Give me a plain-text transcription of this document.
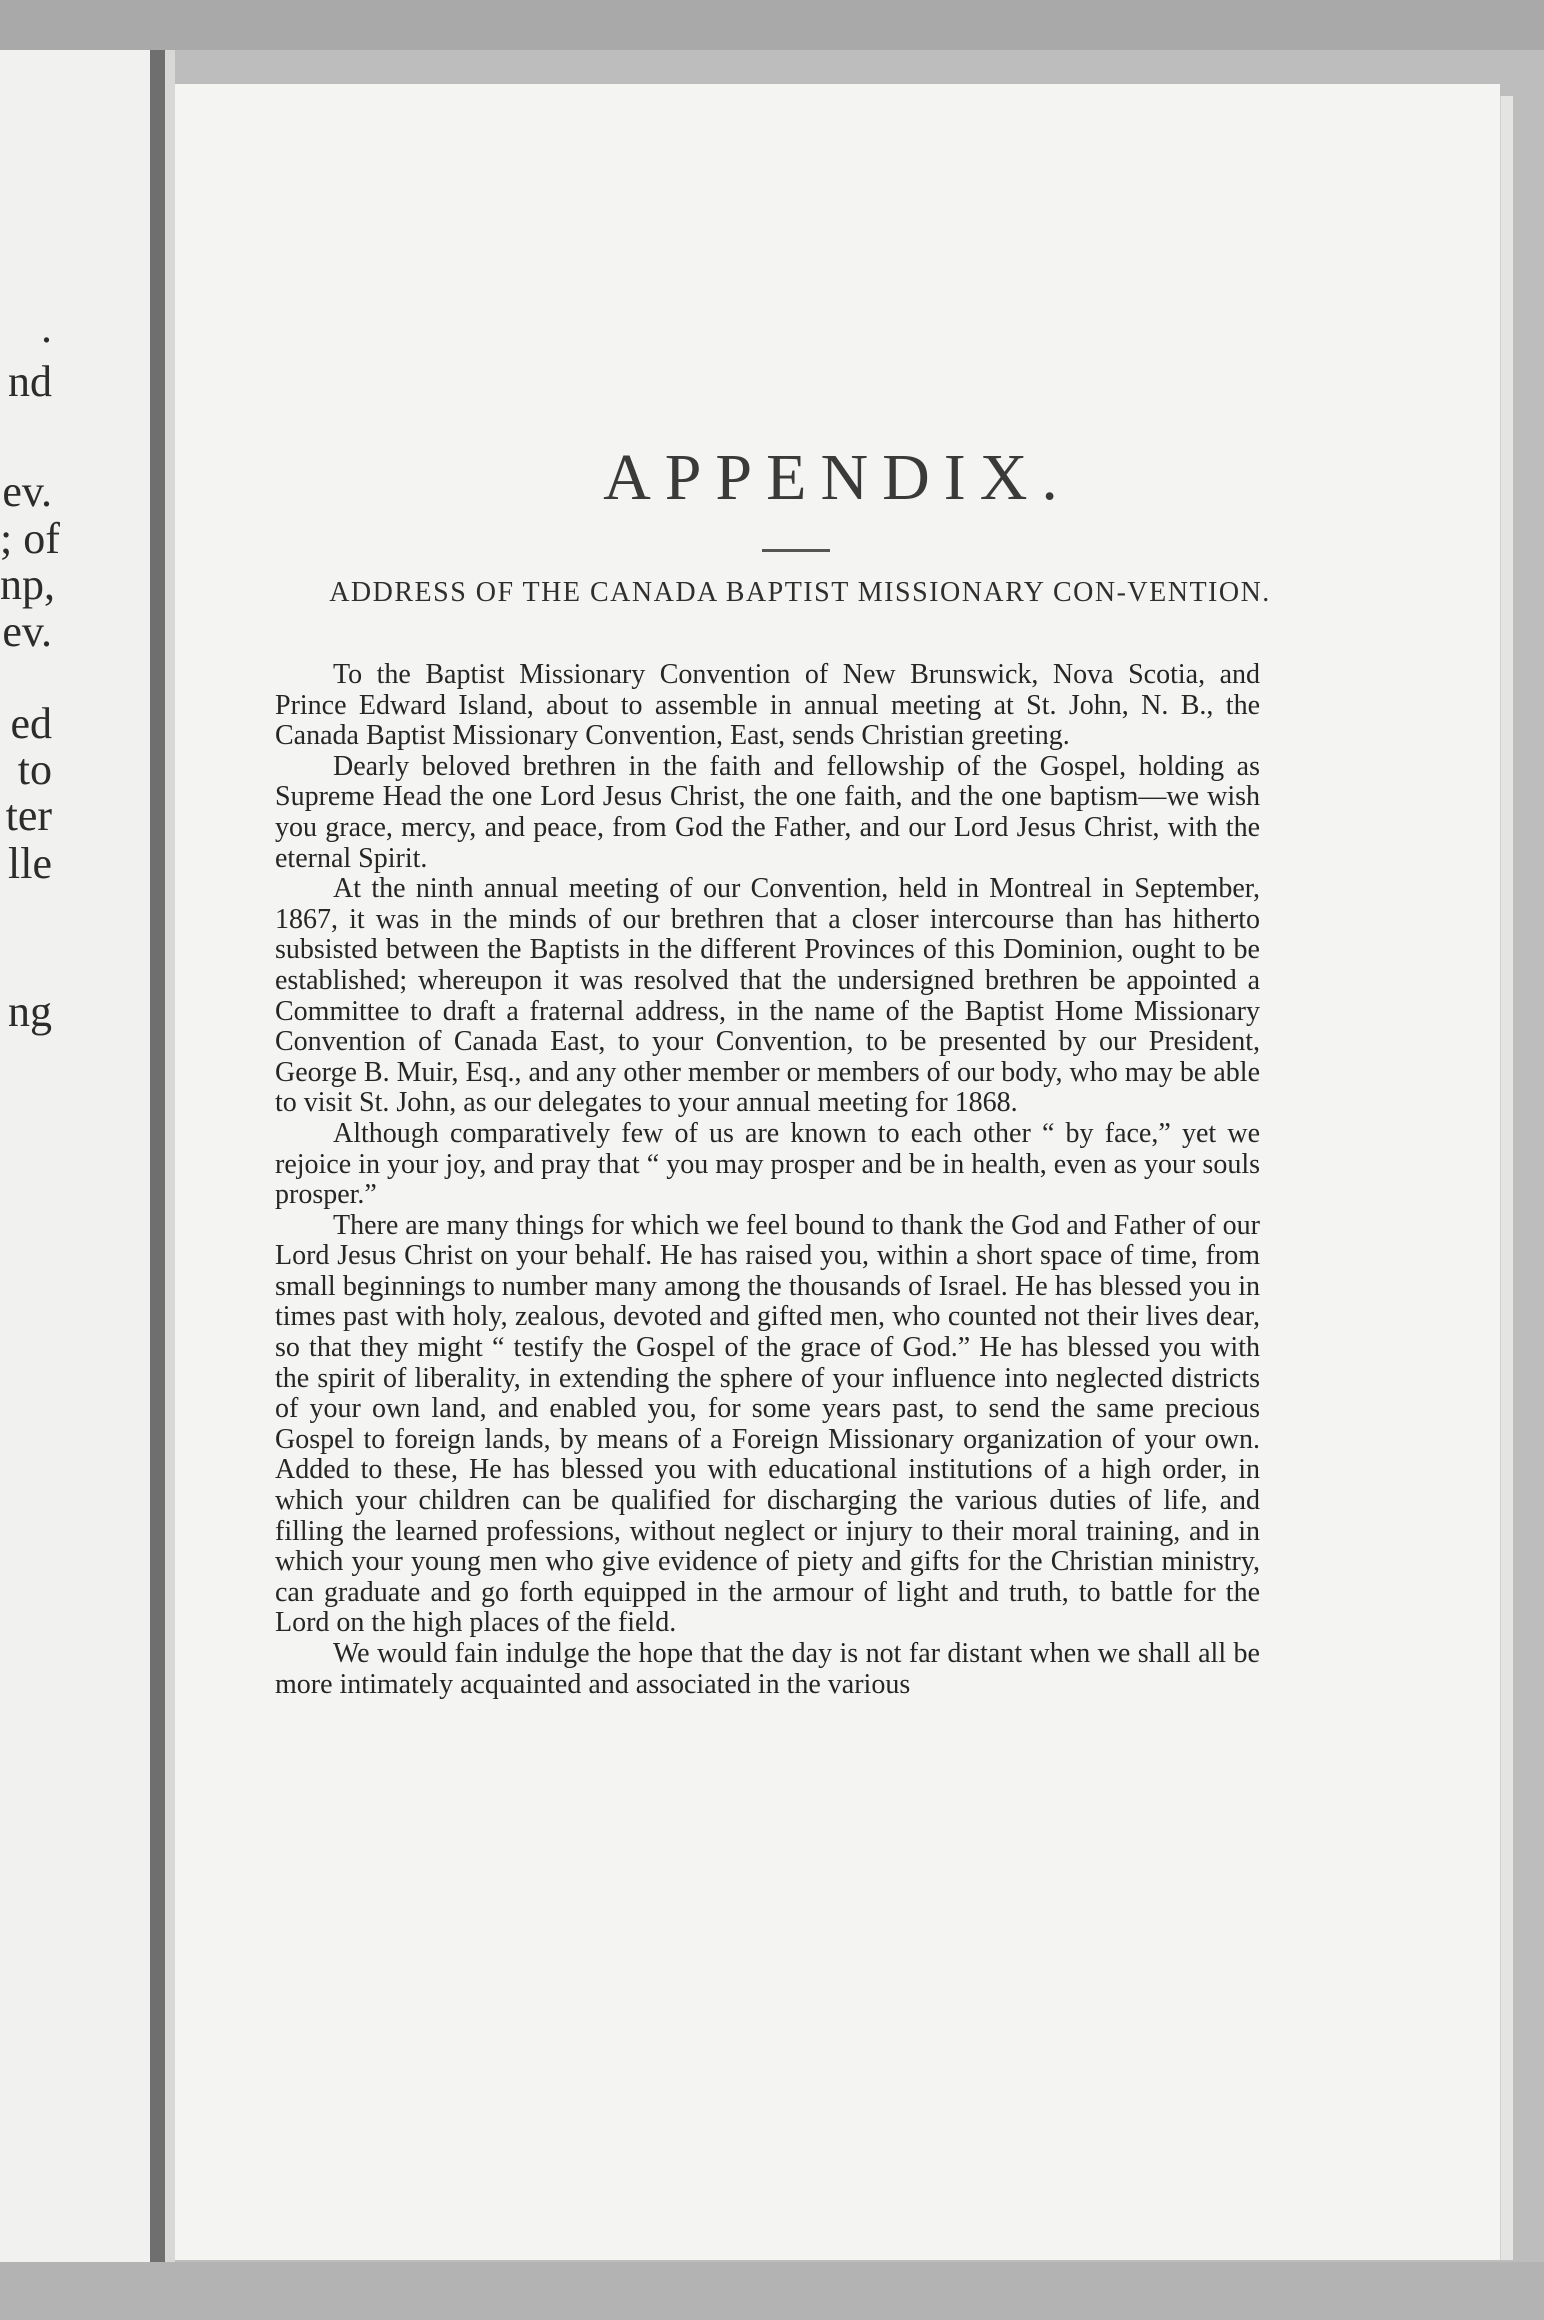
.

nd

ev.

; of

np,

ev.

ed

to

ter

lle

ng

APPENDIX.
ADDRESS OF THE CANADA BAPTIST MISSIONARY CON-VENTION.

To the Baptist Missionary Convention of New Brunswick, Nova Scotia, and Prince Edward Island, about to assemble in annual meeting at St. John, N. B., the Canada Baptist Missionary Convention, East, sends Christian greeting.

Dearly beloved brethren in the faith and fellowship of the Gospel, holding as Supreme Head the one Lord Jesus Christ, the one faith, and the one baptism—we wish you grace, mercy, and peace, from God the Father, and our Lord Jesus Christ, with the eternal Spirit.

At the ninth annual meeting of our Convention, held in Montreal in September, 1867, it was in the minds of our brethren that a closer intercourse than has hitherto subsisted between the Baptists in the different Provinces of this Dominion, ought to be established; whereupon it was resolved that the undersigned brethren be appointed a Committee to draft a fraternal address, in the name of the Baptist Home Missionary Convention of Canada East, to your Convention, to be presented by our President, George B. Muir, Esq., and any other member or members of our body, who may be able to visit St. John, as our delegates to your annual meeting for 1868.

Although comparatively few of us are known to each other “ by face,” yet we rejoice in your joy, and pray that “ you may prosper and be in health, even as your souls prosper.”

There are many things for which we feel bound to thank the God and Father of our Lord Jesus Christ on your behalf. He has raised you, within a short space of time, from small beginnings to number many among the thousands of Israel. He has blessed you in times past with holy, zealous, devoted and gifted men, who counted not their lives dear, so that they might “ testify the Gospel of the grace of God.” He has blessed you with the spirit of liberality, in extending the sphere of your influence into neglected districts of your own land, and enabled you, for some years past, to send the same precious Gospel to foreign lands, by means of a Foreign Missionary organization of your own. Added to these, He has blessed you with educational institutions of a high order, in which your children can be qualified for discharging the various duties of life, and filling the learned professions, without neglect or injury to their moral training, and in which your young men who give evidence of piety and gifts for the Christian ministry, can graduate and go forth equipped in the armour of light and truth, to battle for the Lord on the high places of the field.

We would fain indulge the hope that the day is not far distant when we shall all be more intimately acquainted and associated in the various
